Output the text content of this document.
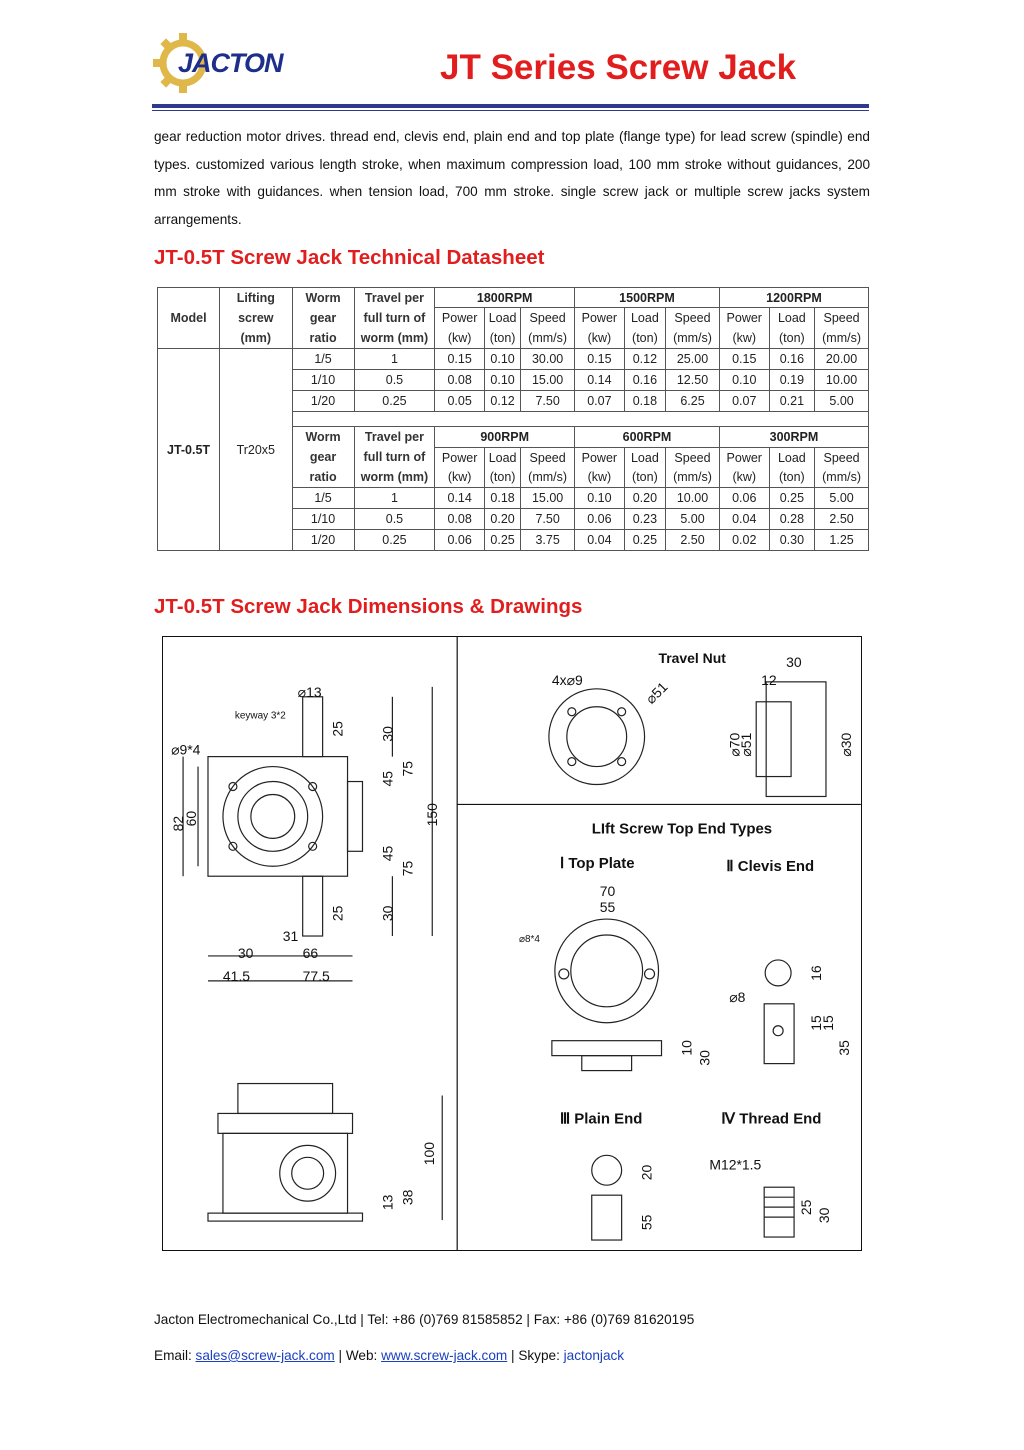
JACTON	JT Series Screw Jack
gear reduction motor drives. thread end, clevis end, plain end and top plate (flange type) for lead screw (spindle) end types. customized various length stroke, when maximum compression load, 100 mm stroke without guidances, 200 mm stroke with guidances. when tension load, 700 mm stroke. single screw jack or multiple screw jacks system arrangements.
JT-0.5T Screw Jack Technical Datasheet
Model	Lifting	Worm	Travel per	1800RPM			1500RPM			1200RPM		
	screw	gear	full turn of	Power	Load	Speed	Power	Load	Speed	Power	Load	Speed
	(mm)	ratio	worm (mm)	(kw)	(ton)	(mm/s)	(kw)	(ton)	(mm/s)	(kw)	(ton)	(mm/s)
JT-0.5T	Tr20x5	1/5	1	0.15	0.10	30.00	0.15	0.12	25.00	0.15	0.16	20.00
		1/10	0.5	0.08	0.10	15.00	0.14	0.16	12.50	0.10	0.19	10.00
		1/20	0.25	0.05	0.12	7.50	0.07	0.18	6.25	0.07	0.21	5.00

		Worm	Travel per	900RPM			600RPM			300RPM		
		gear	full turn of	Power	Load	Speed	Power	Load	Speed	Power	Load	Speed
		ratio	worm (mm)	(kw)	(ton)	(mm/s)	(kw)	(ton)	(mm/s)	(kw)	(ton)	(mm/s)
		1/5	1	0.14	0.18	15.00	0.10	0.20	10.00	0.06	0.25	5.00
		1/10	0.5	0.08	0.20	7.50	0.06	0.23	5.00	0.04	0.28	2.50
		1/20	0.25	0.06	0.25	3.75	0.04	0.25	2.50	0.02	0.30	1.25
JT-0.5T Screw Jack Dimensions & Drawings
⌀13
keyway 3*2
⌀9*4
25 30
45
75
150
82
60
45
75
25 30
31
30	66
41.5	77.5
100
13 38
Travel Nut
4x⌀9	⌀51
30
12
⌀70
⌀51	⌀30
LIft Screw Top End Types
Ⅰ Top Plate	Ⅱ Clevis End
Ⅲ Plain End	Ⅳ Thread End
70
55
⌀8*4
10
30
16
⌀8
15
15
35
20
55
M12*1.5
25
30
Jacton Electromechanical Co.,Ltd | Tel: +86 (0)769 81585852 | Fax: +86 (0)769 81620195
Email: sales@screw-jack.com | Web: www.screw-jack.com | Skype: jactonjack
